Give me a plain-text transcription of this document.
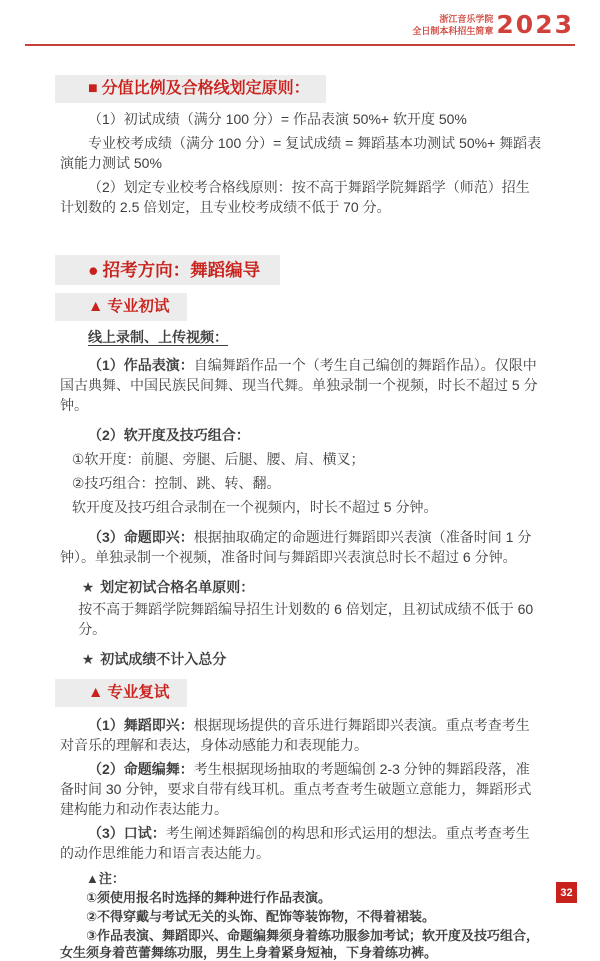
浙江音乐学院
全日制本科招生简章 2023
■ 分值比例及合格线划定原则：

（1）初试成绩（满分 100 分）= 作品表演 50%+ 软开度 50%

专业校考成绩（满分 100 分）= 复试成绩 = 舞蹈基本功测试 50%+ 舞蹈表演能力测试 50%

（2）划定专业校考合格线原则：按不高于舞蹈学院舞蹈学（师范）招生计划数的 2.5 倍划定，且专业校考成绩不低于 70 分。

● 招考方向：舞蹈编导
▲ 专业初试

线上录制、上传视频：

（1）作品表演：自编舞蹈作品一个（考生自己编创的舞蹈作品）。仅限中国古典舞、中国民族民间舞、现当代舞。单独录制一个视频，时长不超过 5 分钟。

（2）软开度及技巧组合：

①软开度：前腿、旁腿、后腿、腰、肩、横叉；

②技巧组合：控制、跳、转、翻。

软开度及技巧组合录制在一个视频内，时长不超过 5 分钟。

（3）命题即兴：根据抽取确定的命题进行舞蹈即兴表演（准备时间 1 分钟）。单独录制一个视频，准备时间与舞蹈即兴表演总时长不超过 6 分钟。

★ 划定初试合格名单原则：

按不高于舞蹈学院舞蹈编导招生计划数的 6 倍划定，且初试成绩不低于 60 分。

★ 初试成绩不计入总分

▲ 专业复试

（1）舞蹈即兴：根据现场提供的音乐进行舞蹈即兴表演。重点考查考生对音乐的理解和表达，身体动感能力和表现能力。

（2）命题编舞：考生根据现场抽取的考题编创 2-3 分钟的舞蹈段落，准备时间 30 分钟，要求自带有线耳机。重点考查考生破题立意能力，舞蹈形式建构能力和动作表达能力。

（3）口试：考生阐述舞蹈编创的构思和形式运用的想法。重点考查考生的动作思维能力和语言表达能力。

▲注：

①须使用报名时选择的舞种进行作品表演。

②不得穿戴与考试无关的头饰、配饰等装饰物，不得着裙装。

③作品表演、舞蹈即兴、命题编舞须身着练功服参加考试；软开度及技巧组合，女生须身着芭蕾舞练功服，男生上身着紧身短袖，下身着练功裤。

32
